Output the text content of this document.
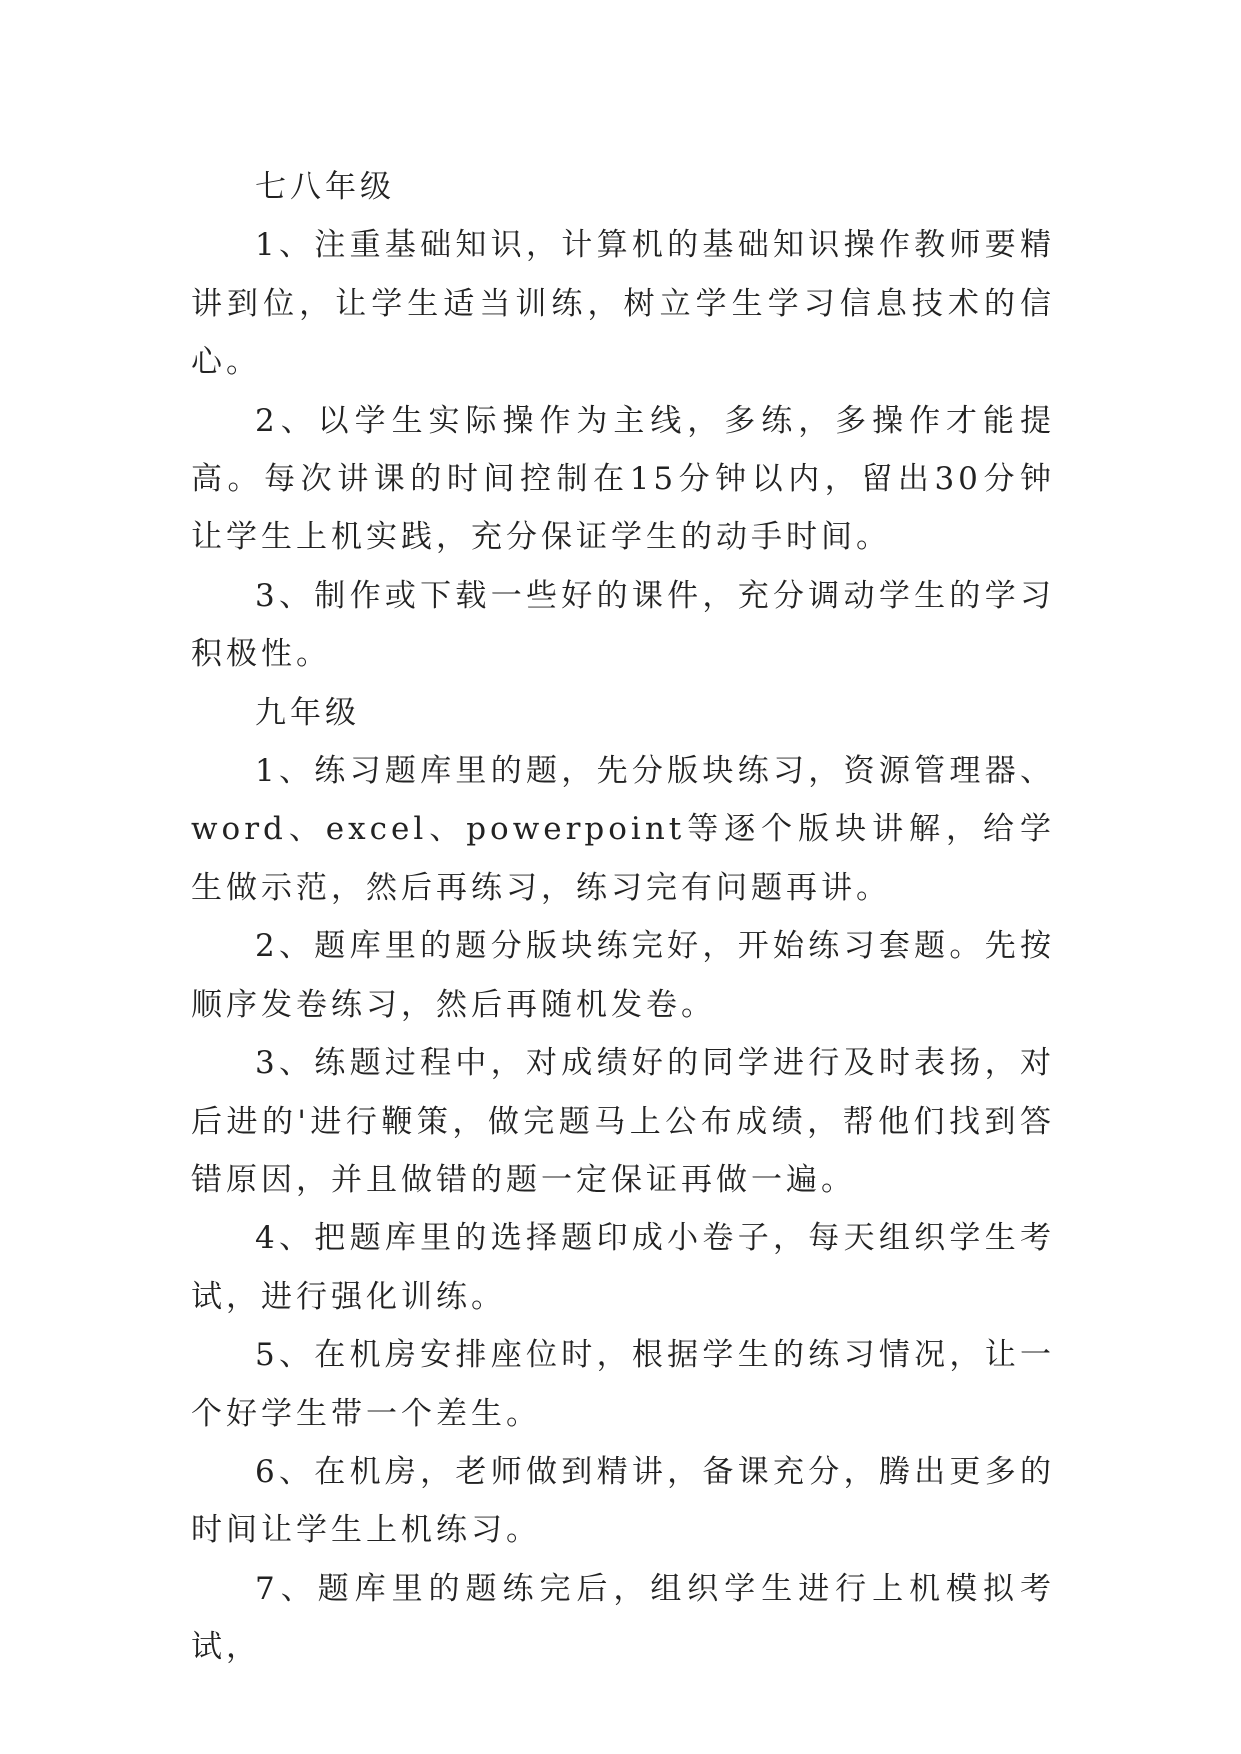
七八年级

1、注重基础知识，计算机的基础知识操作教师要精讲到位，让学生适当训练，树立学生学习信息技术的信心。

2、以学生实际操作为主线，多练，多操作才能提高。每次讲课的时间控制在15分钟以内，留出30分钟让学生上机实践，充分保证学生的动手时间。

3、制作或下载一些好的课件，充分调动学生的学习积极性。

九年级

1、练习题库里的题，先分版块练习，资源管理器、word、excel、powerpoint等逐个版块讲解，给学生做示范，然后再练习，练习完有问题再讲。

2、题库里的题分版块练完好，开始练习套题。先按顺序发卷练习，然后再随机发卷。

3、练题过程中，对成绩好的同学进行及时表扬，对后进的'进行鞭策，做完题马上公布成绩，帮他们找到答错原因，并且做错的题一定保证再做一遍。

4、把题库里的选择题印成小卷子，每天组织学生考试，进行强化训练。

5、在机房安排座位时，根据学生的练习情况，让一个好学生带一个差生。

6、在机房，老师做到精讲，备课充分，腾出更多的时间让学生上机练习。

7、题库里的题练完后，组织学生进行上机模拟考试，
